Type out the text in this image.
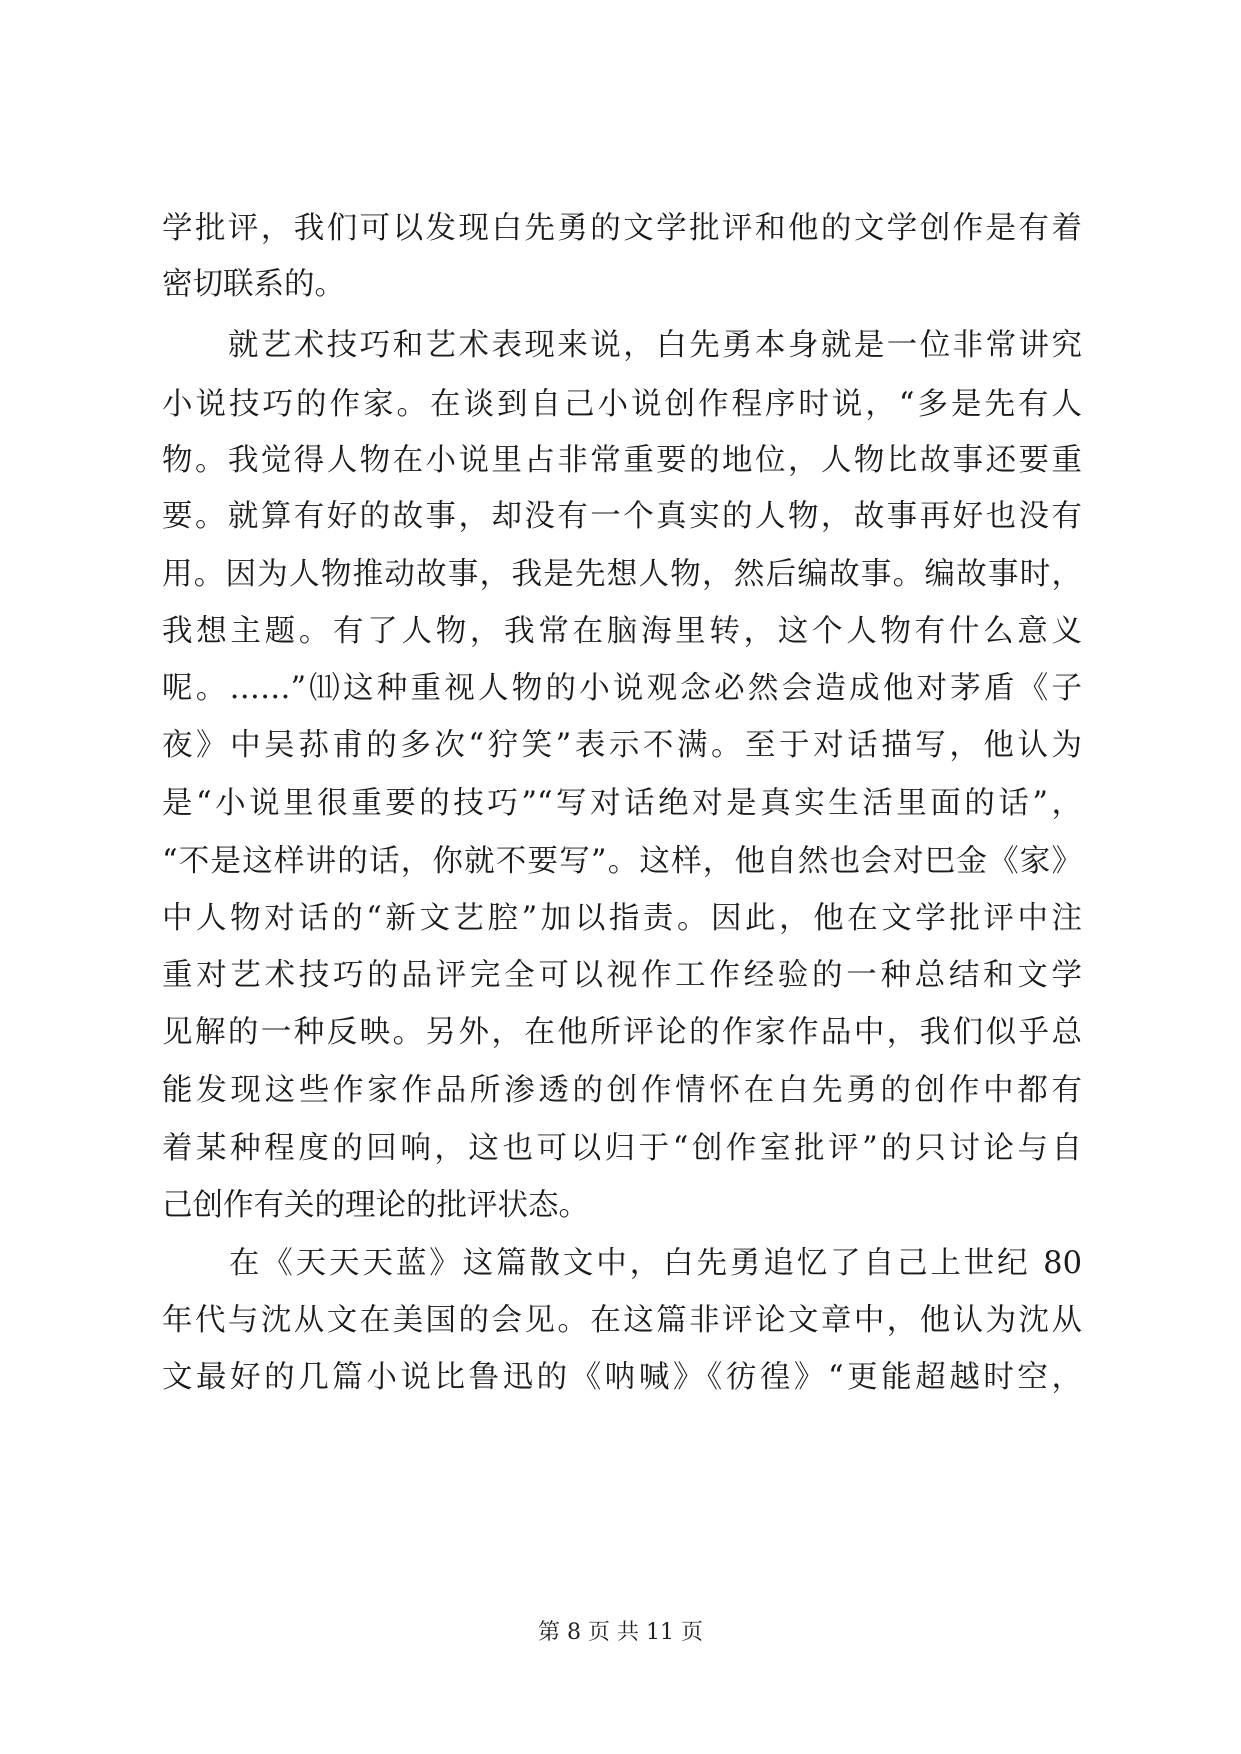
学批评，我们可以发现白先勇的文学批评和他的文学创作是有着
密切联系的。
　　就艺术技巧和艺术表现来说，白先勇本身就是一位非常讲究
小说技巧的作家。在谈到自己小说创作程序时说，“多是先有人
物。我觉得人物在小说里占非常重要的地位，人物比故事还要重
要。就算有好的故事，却没有一个真实的人物，故事再好也没有
用。因为人物推动故事，我是先想人物，然后编故事。编故事时，
我想主题。有了人物，我常在脑海里转，这个人物有什么意义
呢。……”⑾这种重视人物的小说观念必然会造成他对茅盾《子
夜》中吴荪甫的多次“狞笑”表示不满。至于对话描写，他认为
是“小说里很重要的技巧”“写对话绝对是真实生活里面的话”，
“不是这样讲的话，你就不要写”。这样，他自然也会对巴金《家》
中人物对话的“新文艺腔”加以指责。因此，他在文学批评中注
重对艺术技巧的品评完全可以视作工作经验的一种总结和文学
见解的一种反映。另外，在他所评论的作家作品中，我们似乎总
能发现这些作家作品所渗透的创作情怀在白先勇的创作中都有
着某种程度的回响，这也可以归于“创作室批评”的只讨论与自
己创作有关的理论的批评状态。
　　在《天天天蓝》这篇散文中，白先勇追忆了自己上世纪 80
年代与沈从文在美国的会见。在这篇非评论文章中，他认为沈从
文最好的几篇小说比鲁迅的《呐喊》《彷徨》“更能超越时空，
第 8 页 共 11 页
